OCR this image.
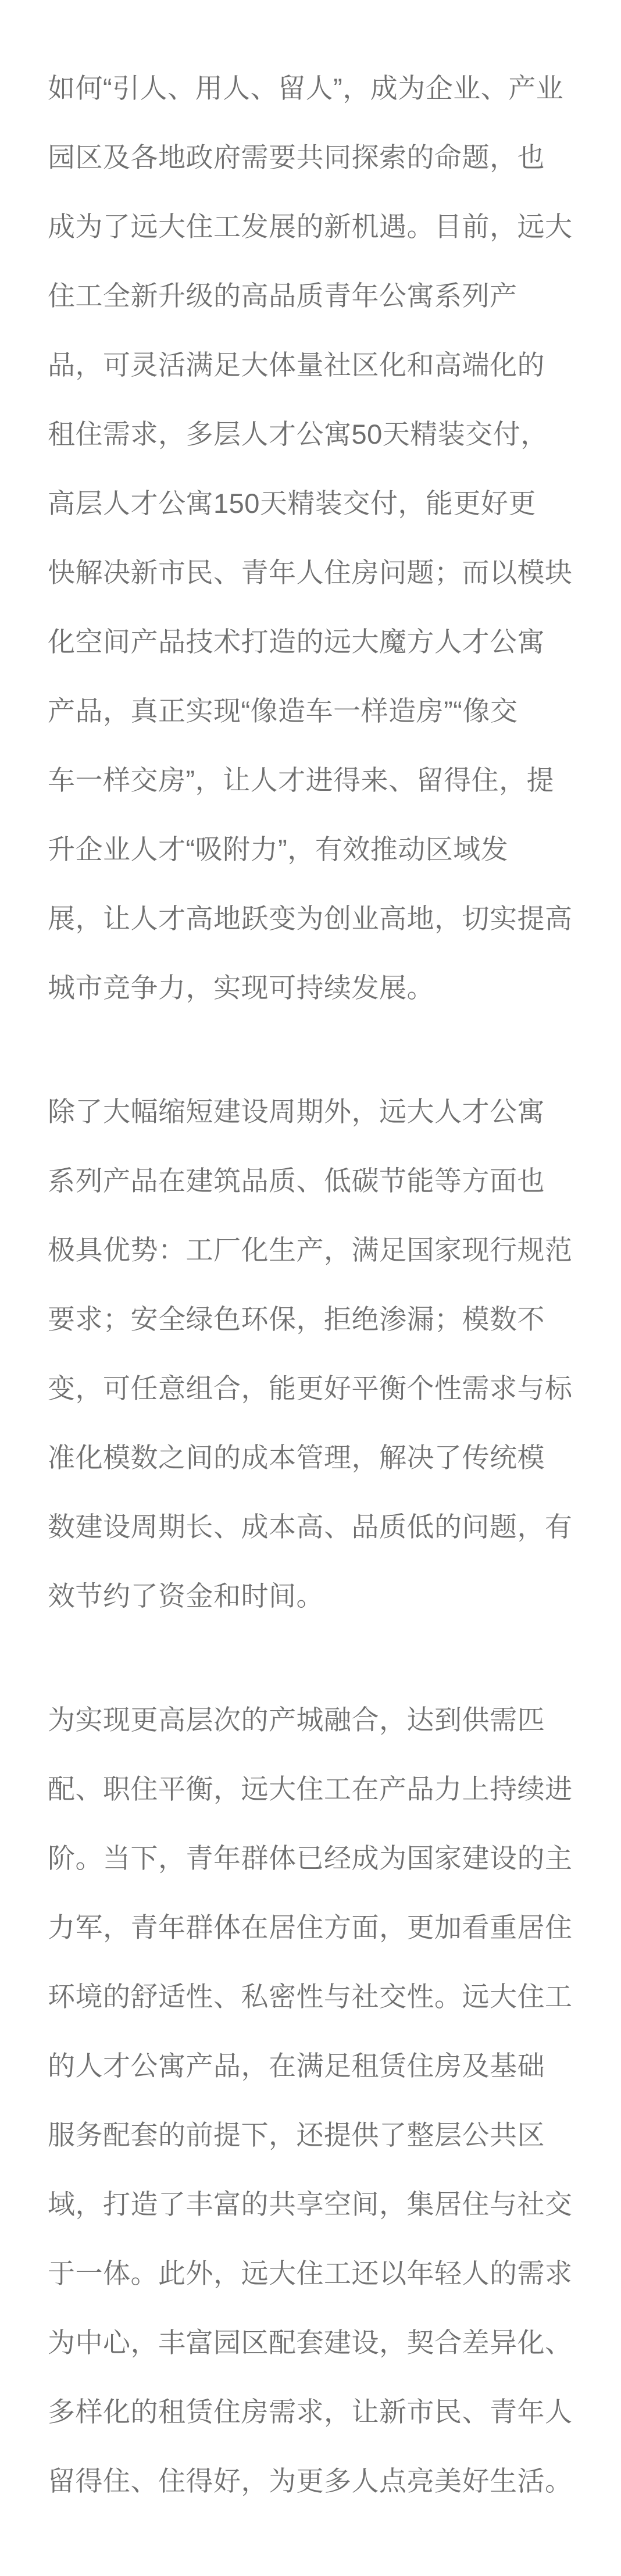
如何“引人、用人、留人”，成为企业、产业
园区及各地政府需要共同探索的命题，也
成为了远大住工发展的新机遇。目前，远大
住工全新升级的高品质青年公寓系列产
品，可灵活满足大体量社区化和高端化的
租住需求，多层人才公寓50天精装交付，
高层人才公寓150天精装交付，能更好更
快解决新市民、青年人住房问题；而以模块
化空间产品技术打造的远大魔方人才公寓
产品，真正实现“像造车一样造房”“像交
车一样交房”，让人才进得来、留得住，提
升企业人才“吸附力”，有效推动区域发
展，让人才高地跃变为创业高地，切实提高
城市竞争力，实现可持续发展。
除了大幅缩短建设周期外，远大人才公寓
系列产品在建筑品质、低碳节能等方面也
极具优势：工厂化生产，满足国家现行规范
要求；安全绿色环保，拒绝渗漏；模数不
变，可任意组合，能更好平衡个性需求与标
准化模数之间的成本管理，解决了传统模
数建设周期长、成本高、品质低的问题，有
效节约了资金和时间。
为实现更高层次的产城融合，达到供需匹
配、职住平衡，远大住工在产品力上持续进
阶。当下，青年群体已经成为国家建设的主
力军，青年群体在居住方面，更加看重居住
环境的舒适性、私密性与社交性。远大住工
的人才公寓产品，在满足租赁住房及基础
服务配套的前提下，还提供了整层公共区
域，打造了丰富的共享空间，集居住与社交
于一体。此外，远大住工还以年轻人的需求
为中心，丰富园区配套建设，契合差异化、
多样化的租赁住房需求，让新市民、青年人
留得住、住得好，为更多人点亮美好生活。
